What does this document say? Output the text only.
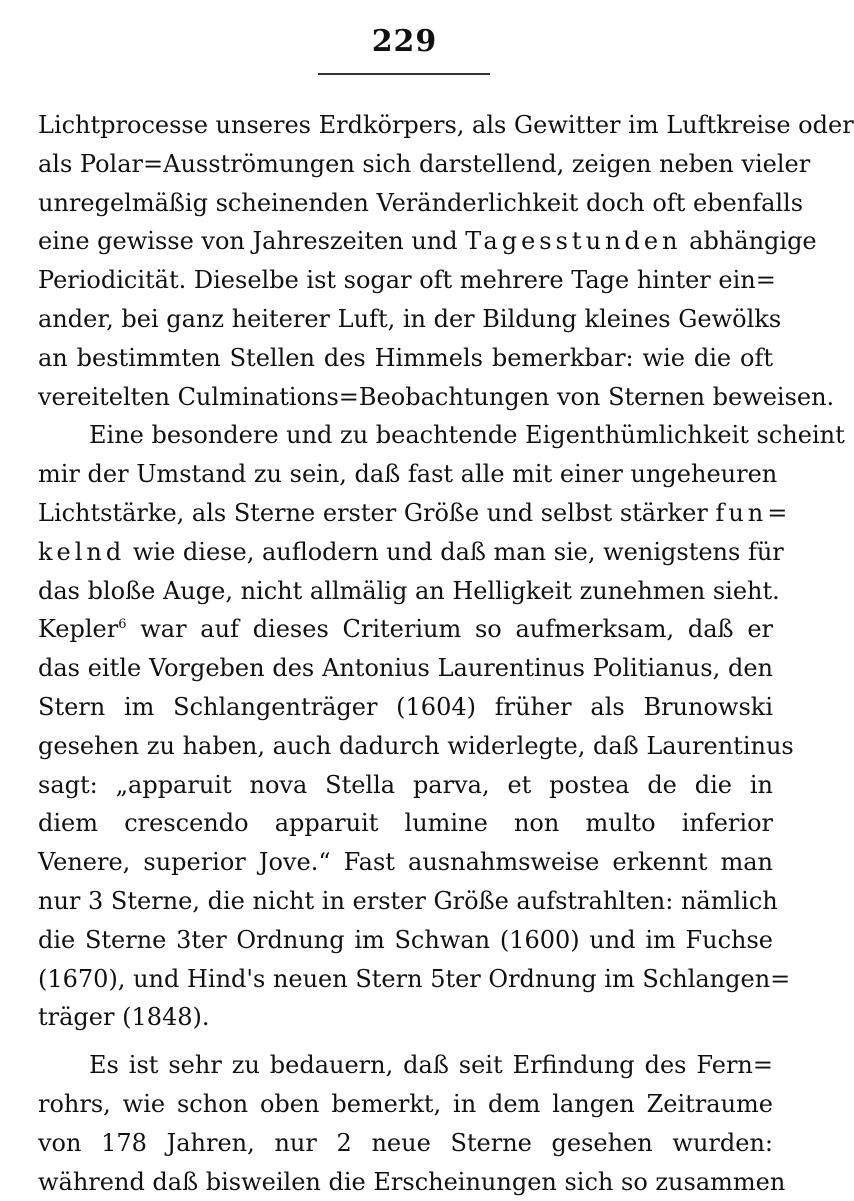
229
Lichtprocesse unseres Erdkörpers, als Gewitter im Luftkreise oder
als Polar=Ausströmungen sich darstellend, zeigen neben vieler
unregelmäßig scheinenden Veränderlichkeit doch oft ebenfalls
eine gewisse von Jahreszeiten und Tagesstunden abhängige
Periodicität. Dieselbe ist sogar oft mehrere Tage hinter ein=
ander, bei ganz heiterer Luft, in der Bildung kleines Gewölks
an bestimmten Stellen des Himmels bemerkbar: wie die oft
vereitelten Culminations=Beobachtungen von Sternen beweisen.
Eine besondere und zu beachtende Eigenthümlichkeit scheint
mir der Umstand zu sein, daß fast alle mit einer ungeheuren
Lichtstärke, als Sterne erster Größe und selbst stärker fun=
kelnd wie diese, auflodern und daß man sie, wenigstens für
das bloße Auge, nicht allmälig an Helligkeit zunehmen sieht.
Kepler$^6$ war auf dieses Criterium so aufmerksam, daß er
das eitle Vorgeben des Antonius Laurentinus Politianus, den
Stern im Schlangenträger (1604) früher als Brunowski
gesehen zu haben, auch dadurch widerlegte, daß Laurentinus
sagt: „apparuit nova Stella parva, et postea de die in
diem crescendo apparuit lumine non multo inferior
Venere, superior Jove.“ Fast ausnahmsweise erkennt man
nur 3 Sterne, die nicht in erster Größe aufstrahlten: nämlich
die Sterne 3ter Ordnung im Schwan (1600) und im Fuchse
(1670), und Hind's neuen Stern 5ter Ordnung im Schlangen=
träger (1848).
Es ist sehr zu bedauern, daß seit Erfindung des Fern=
rohrs, wie schon oben bemerkt, in dem langen Zeitraume
von 178 Jahren, nur 2 neue Sterne gesehen wurden:
während daß bisweilen die Erscheinungen sich so zusammen
